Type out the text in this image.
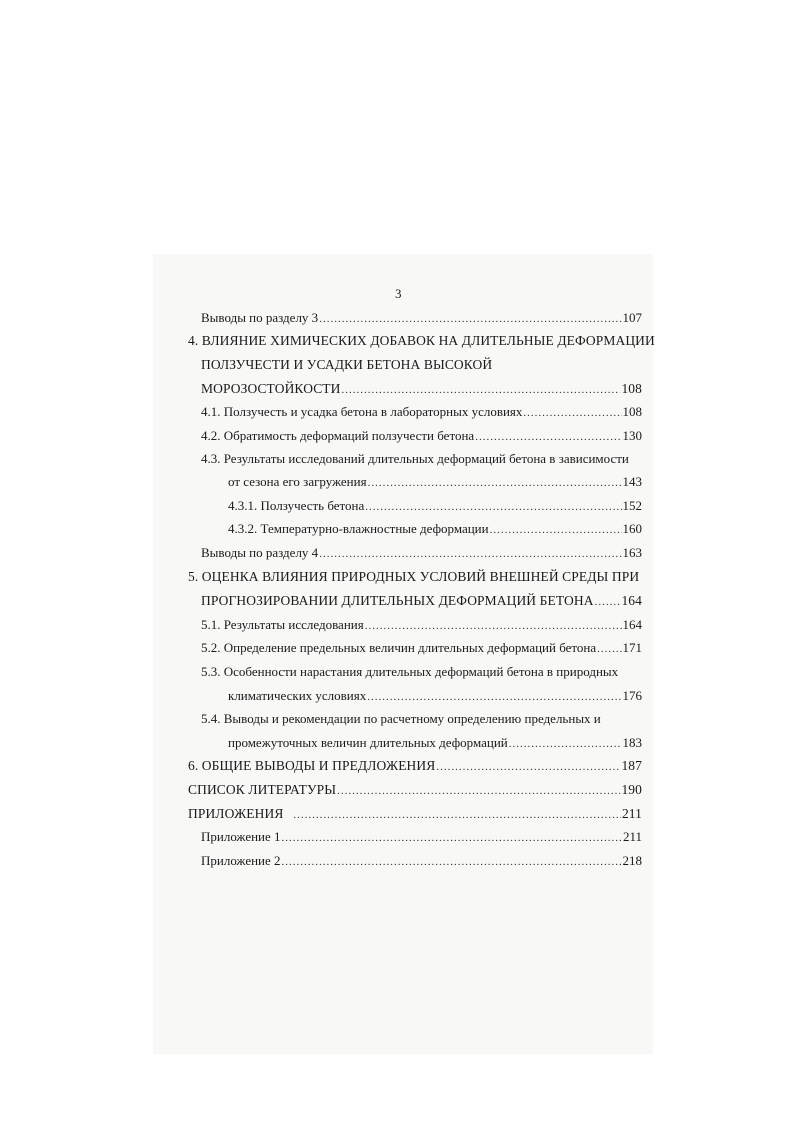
3
Выводы по разделу 3 .....	107
4. ВЛИЯНИЕ ХИМИЧЕСКИХ ДОБАВОК НА ДЛИТЕЛЬНЫЕ ДЕФОРМАЦИИ
ПОЛЗУЧЕСТИ И УСАДКИ БЕТОНА ВЫСОКОЙ
МОРОЗОСТОЙКОСТИ .....	108
4.1. Ползучесть и усадка бетона в лабораторных условиях .....	108
4.2. Обратимость деформаций ползучести бетона .....	130
4.3. Результаты исследований длительных деформаций бетона в зависимости
от сезона его загружения .....	143
4.3.1. Ползучесть бетона .....	152
4.3.2. Температурно-влажностные деформации .....	160
Выводы по разделу 4 .....	163
5. ОЦЕНКА ВЛИЯНИЯ ПРИРОДНЫХ УСЛОВИЙ ВНЕШНЕЙ СРЕДЫ ПРИ
ПРОГНОЗИРОВАНИИ ДЛИТЕЛЬНЫХ ДЕФОРМАЦИЙ БЕТОНА ..... 164
5.1. Результаты исследования .....	164
5.2. Определение предельных величин длительных деформаций бетона ..... 171
5.3. Особенности нарастания длительных деформаций бетона в природных
климатических условиях .....	176
5.4. Выводы и рекомендации по расчетному определению предельных и
промежуточных величин длительных деформаций .....	183
6. ОБЩИЕ ВЫВОДЫ И ПРЕДЛОЖЕНИЯ .....	187
СПИСОК ЛИТЕРАТУРЫ .....	190
ПРИЛОЖЕНИЯ .....	211
Приложение 1 .....	211
Приложение 2 .....	218
